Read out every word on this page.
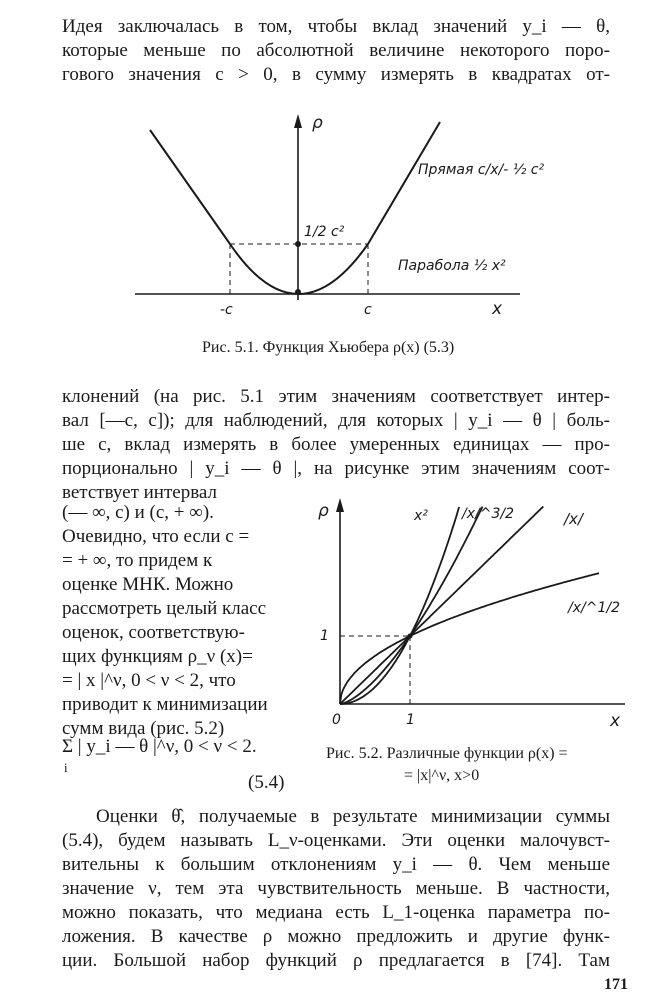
Идея заключалась в том, чтобы вклад значений y_i — θ,
которые меньше по абсолютной величине некоторого поро-
гового значения c > 0, в сумму измерять в квадратах от-
ρ
x
1/2 c²
Прямая c/x/- ½ c²
Парабола ½ x²
-c	c
Рис. 5.1. Функция Хьюбера ρ(x) (5.3)
клонений (на рис. 5.1 этим значениям соответствует интер-
вал [—c, c]); для наблюдений, для которых | y_i — θ | боль-
ше c, вклад измерять в более умеренных единицах — про-
порционально | y_i — θ |, на рисунке этим значениям соот-
ветствует интервал
(— ∞, c) и (c, + ∞).
Очевидно, что если c =
= + ∞, то придем к
оценке МНК. Можно
рассмотреть целый класс
оценок, соответствую-
щих функциям ρ_ν (x)=
= | x |^ν, 0 < ν < 2, что
приводит к минимизации
сумм вида (рис. 5.2)
Σ | y_i — θ |^ν, 0 < ν < 2.
i
(5.4)
ρ
x
0	1
1
x² /x/^3/2	/x/
/x/^1/2
Рис. 5.2. Различные функции ρ(x) =
= |x|^ν, x>0
Оценки θ̂, получаемые в результате минимизации суммы
(5.4), будем называть L_ν-оценками. Эти оценки малочувст-
вительны к большим отклонениям y_i — θ. Чем меньше
значение ν, тем эта чувствительность меньше. В частности,
можно показать, что медиана есть L_1-оценка параметра по-
ложения. В качестве ρ можно предложить и другие функ-
ции. Большой набор функций ρ предлагается в [74]. Там
171
